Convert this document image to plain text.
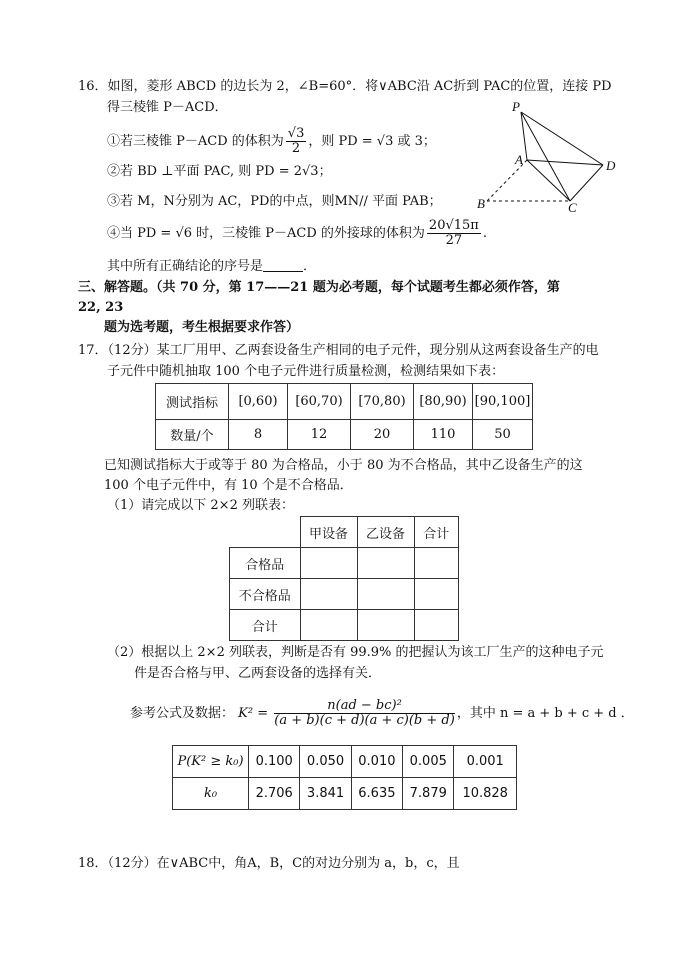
16．如图，菱形 ABCD 的边长为 2，∠B=60°．将∨ABC沿 AC折到 PAC的位置，连接 PD
得三棱锥 P－ACD．
①若三棱锥 P－ACD 的体积为 $\frac{√3}{2}$ ，则 PD = √3 或 3；
②若 BD ⊥平面 PAC, 则 PD = 2√3；
③若 M，N分别为 AC，PD的中点，则MN// 平面 PAB；
④当 PD = √6 时，三棱锥 P－ACD 的外接球的体积为 $\frac{20√15\pi}{27}$ .
其中所有正确结论的序号是	．
P
A	D
B	C
三、解答题。（共 70 分，第 17——21 题为必考题，每个试题考生都必须作答，第
22, 23
题为选考题，考生根据要求作答）
17．（12分）某工厂用甲、乙两套设备生产相同的电子元件，现分别从这两套设备生产的电
子元件中随机抽取 100 个电子元件进行质量检测，检测结果如下表：
测试指标	[0,60)	[60,70)	[70,80)	[80,90)	[90,100]
数量/个	8	12	20	110	50
已知测试指标大于或等于 80 为合格品，小于 80 为不合格品，其中乙设备生产的这
100 个电子元件中，有 10 个是不合格品．
（1）请完成以下 2×2 列联表：
	甲设备	乙设备	合计
合格品			
不合格品			
合计			
（2）根据以上 2×2 列联表，判断是否有 99.9% 的把握认为该工厂生产的这种电子元
件是否合格与甲、乙两套设备的选择有关．
参考公式及数据： $K^2 = \frac{\text{n(ad − bc)²}}{(a + b)(c + d)(a + c)(b + d)}$ ，其中 n = a + b + c + d ．
P(K² ≥ k₀)	0.100	0.050	0.010	0.005	0.001
k₀	2.706	3.841	6.635	7.879	10.828
18．（12分）在∨ABC中，角A，B，C的对边分别为 a，b，c，且
